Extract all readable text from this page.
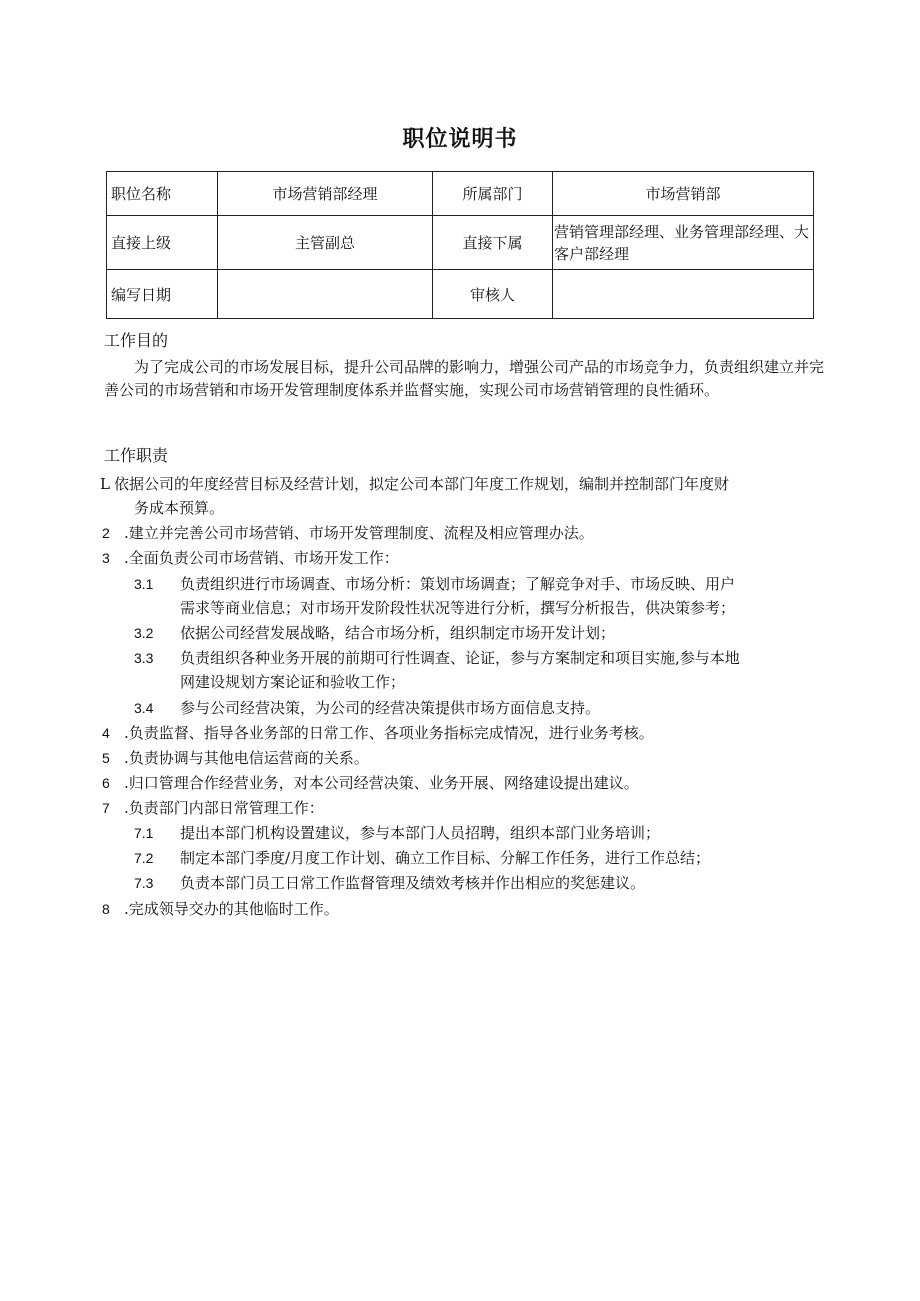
职位说明书
职位名称	市场营销部经理	所属部门	市场营销部
直接上级	主管副总	直接下属	营销管理部经理、业务管理部经理、大客户部经理
编写日期		审核人	
工作目的
为了完成公司的市场发展目标，提升公司品牌的影响力，增强公司产品的市场竞争力，负责组织建立并完善公司的市场营销和市场开发管理制度体系并监督实施，实现公司市场营销管理的良性循环。
工作职责
L 依据公司的年度经营目标及经营计划，拟定公司本部门年度工作规划，编制并控制部门年度财
务成本预算。
2 .建立并完善公司市场营销、市场开发管理制度、流程及相应管理办法。
3 .全面负责公司市场营销、市场开发工作：
3.1 负责组织进行市场调查、市场分析：策划市场调查；了解竞争对手、市场反映、用户
需求等商业信息；对市场开发阶段性状况等进行分析，撰写分析报告，供决策参考；
3.2 依据公司经营发展战略，结合市场分析，组织制定市场开发计划；
3.3 负责组织各种业务开展的前期可行性调查、论证，参与方案制定和项目实施,参与本地
网建设规划方案论证和验收工作；
3.4 参与公司经营决策，为公司的经营决策提供市场方面信息支持。
4 .负责监督、指导各业务部的日常工作、各项业务指标完成情况，进行业务考核。
5 .负责协调与其他电信运营商的关系。
6 .归口管理合作经营业务，对本公司经营决策、业务开展、网络建设提出建议。
7 .负责部门内部日常管理工作：
7.1 提出本部门机构设置建议，参与本部门人员招聘，组织本部门业务培训；
7.2 制定本部门季度/月度工作计划、确立工作目标、分解工作任务，进行工作总结；
7.3 负责本部门员工日常工作监督管理及绩效考核并作出相应的奖惩建议。
8 .完成领导交办的其他临时工作。
